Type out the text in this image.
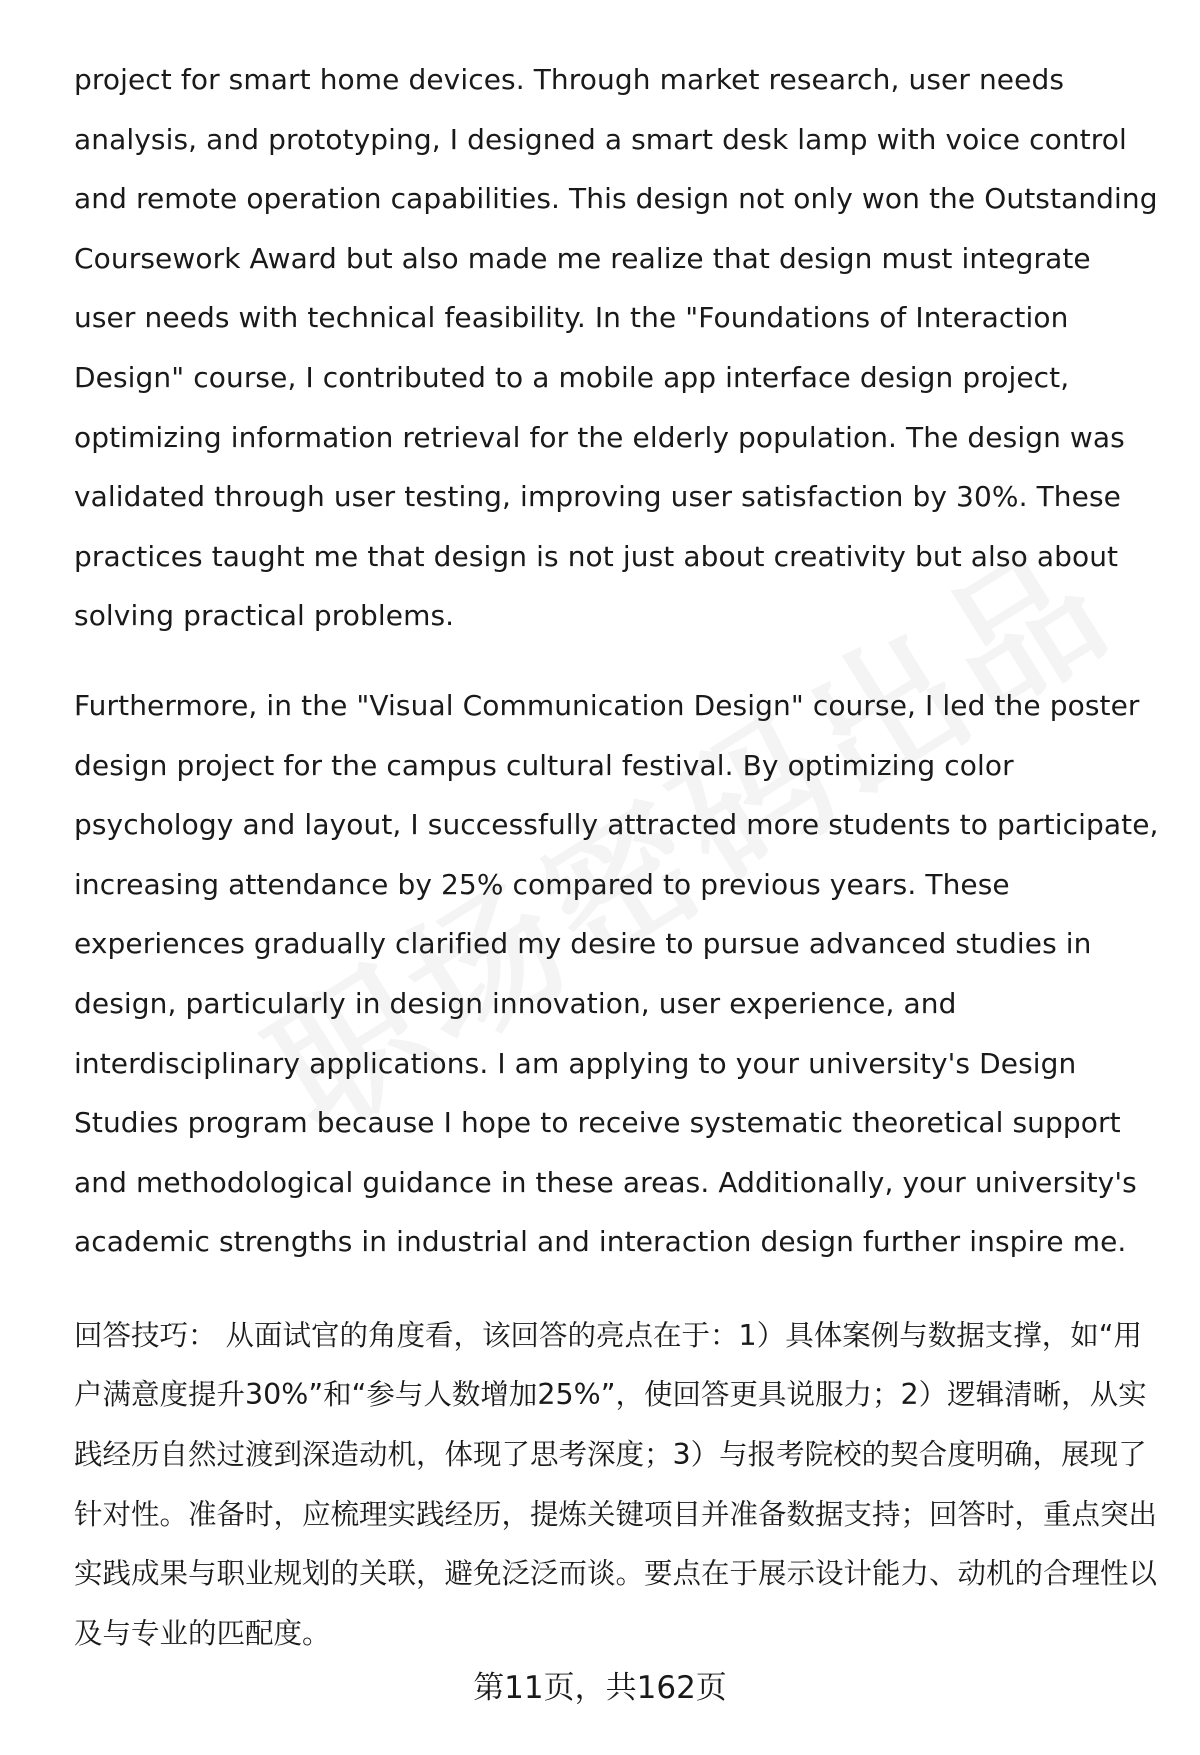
project for smart home devices. Through market research, user needs analysis, and prototyping, I designed a smart desk lamp with voice control and remote operation capabilities. This design not only won the Outstanding Coursework Award but also made me realize that design must integrate user needs with technical feasibility. In the "Foundations of Interaction Design" course, I contributed to a mobile app interface design project, optimizing information retrieval for the elderly population. The design was validated through user testing, improving user satisfaction by 30%. These practices taught me that design is not just about creativity but also about solving practical problems.

Furthermore, in the "Visual Communication Design" course, I led the poster design project for the campus cultural festival. By optimizing color psychology and layout, I successfully attracted more students to participate, increasing attendance by 25% compared to previous years. These experiences gradually clarified my desire to pursue advanced studies in design, particularly in design innovation, user experience, and interdisciplinary applications. I am applying to your university's Design Studies program because I hope to receive systematic theoretical support and methodological guidance in these areas. Additionally, your university's academic strengths in industrial and interaction design further inspire me.

回答技巧： 从面试官的角度看，该回答的亮点在于：1）具体案例与数据支撑，如“用户满意度提升30%”和“参与人数增加25%”，使回答更具说服力；2）逻辑清晰，从实践经历自然过渡到深造动机，体现了思考深度；3）与报考院校的契合度明确，展现了针对性。准备时，应梳理实践经历，提炼关键项目并准备数据支持；回答时，重点突出实践成果与职业规划的关联，避免泛泛而谈。要点在于展示设计能力、动机的合理性以及与专业的匹配度。

第11页，共162页
